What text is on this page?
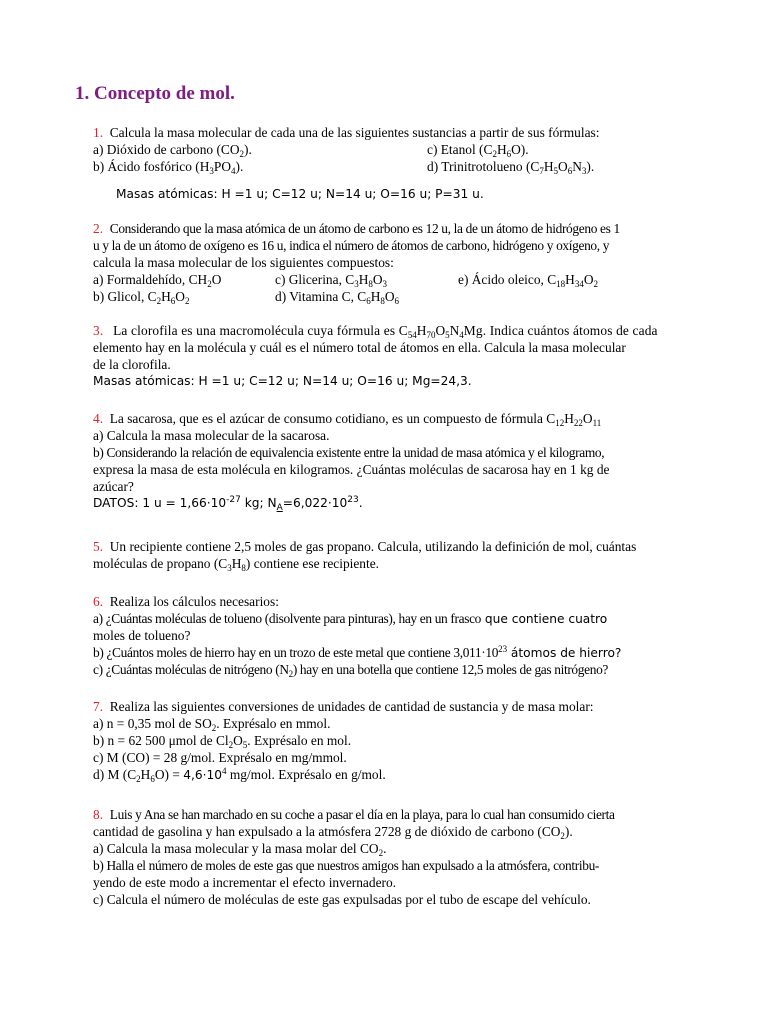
1. Concepto de mol.
1. Calcula la masa molecular de cada una de las siguientes sustancias a partir de sus fórmulas:
a) Dióxido de carbono $(CO_2)$.	c) Etanol $(C_2H_6O)$.
b) Ácido fosfórico $(H_3PO_4)$.	d) Trinitrotolueno $(C_7H_5O_6N_3)$.
Masas atómicas: H =1 u; C=12 u; N=14 u; O=16 u; P=31 u.
2. Considerando que la masa atómica de un átomo de carbono es 12 u, la de un átomo de hidrógeno es 1
u y la de un átomo de oxígeno es 16 u, indica el número de átomos de carbono, hidrógeno y oxígeno, y
calcula la masa molecular de los siguientes compuestos:
a) Formaldehído, $CH_2O$	c) Glicerina, $C_3H_8O_3$	e) Ácido oleico, $C_{18}H_{34}O_2$
b) Glicol, $C_2H_6O_2$	d) Vitamina C, $C_6H_8O_6$
3. La clorofila es una macromolécula cuya fórmula es $C_{54}H_{70}O_5N_4Mg$. Indica cuántos átomos de cada
elemento hay en la molécula y cuál es el número total de átomos en ella. Calcula la masa molecular
de la clorofila.
Masas atómicas: H =1 u; C=12 u; N=14 u; O=16 u; Mg=24,3.
4. La sacarosa, que es el azúcar de consumo cotidiano, es un compuesto de fórmula $C_{12}H_{22}O_{11}$
a) Calcula la masa molecular de la sacarosa.
b) Considerando la relación de equivalencia existente entre la unidad de masa atómica y el kilogramo,
expresa la masa de esta molécula en kilogramos. ¿Cuántas moléculas de sacarosa hay en 1 kg de
azúcar?
DATOS: 1 $u = 1,66\cdot 10^{-27}$ kg; $N_A=6,022\cdot 10^{23}$.
5. Un recipiente contiene 2,5 moles de gas propano. Calcula, utilizando la definición de mol, cuántas
moléculas de propano $(C_3H_8)$ contiene ese recipiente.
6. Realiza los cálculos necesarios:
a) ¿Cuántas moléculas de tolueno (disolvente para pinturas), hay en un frasco que contiene cuatro
moles de tolueno?
b) ¿Cuántos moles de hierro hay en un trozo de este metal que contiene $3,011\cdot 10^{23}$ átomos de hierro?
c) ¿Cuántas moléculas de nitrógeno $(N_2)$ hay en una botella que contiene 12,5 moles de gas nitrógeno?
7. Realiza las siguientes conversiones de unidades de cantidad de sustancia y de masa molar:
a) n = 0,35 mol de $SO_2$. Exprésalo en mmol.
b) n = 62 500 μmol de $Cl_2O_5$. Exprésalo en mol.
c) M (CO) = 28 g/mol. Exprésalo en mg/mmol.
d) M $(C_2H_6O) = 4,6\cdot 10^4$ mg/mol. Exprésalo en g/mol.
8. Luis y Ana se han marchado en su coche a pasar el día en la playa, para lo cual han consumido cierta
cantidad de gasolina y han expulsado a la atmósfera 2728 g de dióxido de carbono $(CO_2)$.
a) Calcula la masa molecular y la masa molar del $CO_2$.
b) Halla el número de moles de este gas que nuestros amigos han expulsado a la atmósfera, contribu-
yendo de este modo a incrementar el efecto invernadero.
c) Calcula el número de moléculas de este gas expulsadas por el tubo de escape del vehículo.
